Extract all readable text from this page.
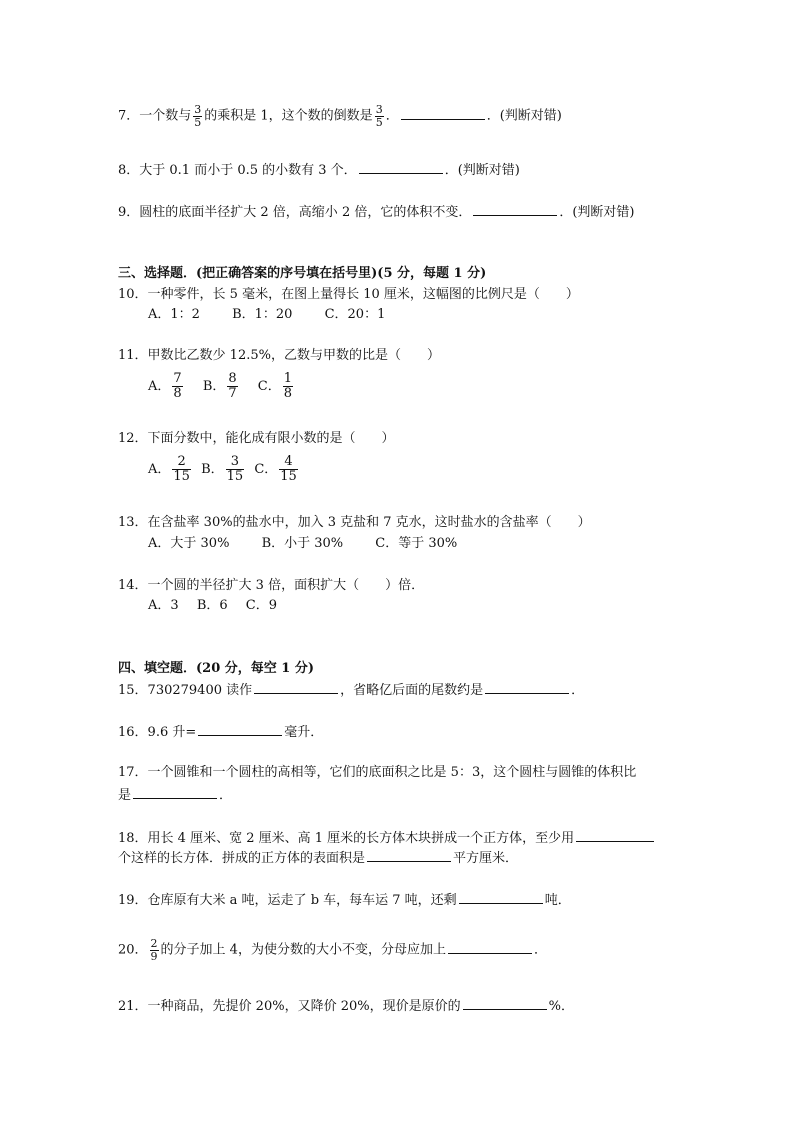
7．一个数与 $\frac{3}{5}$ 的乘积是 1，这个数的倒数是 $\frac{3}{5}$ ．	．(判断对错)
8．大于 0.1 而小于 0.5 的小数有 3 个．	．(判断对错)
9．圆柱的底面半径扩大 2 倍，高缩小 2 倍，它的体积不变．	．(判断对错)
三、选择题．(把正确答案的序号填在括号里)(5 分，每题 1 分)
10．一种零件，长 5 毫米，在图上量得长 10 厘米，这幅图的比例尺是（　　）
A．1：2 B．1：20 C．20：1
11．甲数比乙数少 12.5%，乙数与甲数的比是（　　）
A． $\frac{7}{8}$ B． $\frac{8}{7}$ C． $\frac{1}{8}$
12．下面分数中，能化成有限小数的是（　　）
A． $\frac{2}{15}$ B． $\frac{3}{15}$ C． $\frac{4}{15}$
13．在含盐率 30%的盐水中，加入 3 克盐和 7 克水，这时盐水的含盐率（　　）
A．大于 30% B．小于 30% C．等于 30%
14．一个圆的半径扩大 3 倍，面积扩大（　　）倍．
A．3 B．6 C．9
四、填空题．(20 分，每空 1 分)
15．730279400 读作	，省略亿后面的尾数约是	．
16．9.6 升=	毫升．
17．一个圆锥和一个圆柱的高相等，它们的底面积之比是 5：3，这个圆柱与圆锥的体积比
是	．
18．用长 4 厘米、宽 2 厘米、高 1 厘米的长方体木块拼成一个正方体，至少用
个这样的长方体．拼成的正方体的表面积是	平方厘米．
19．仓库原有大米 a 吨，运走了 b 车，每车运 7 吨，还剩	吨．
20． $\frac{2}{9}$ 的分子加上 4，为使分数的大小不变，分母应加上	．
21．一种商品，先提价 20%，又降价 20%，现价是原价的	%．
